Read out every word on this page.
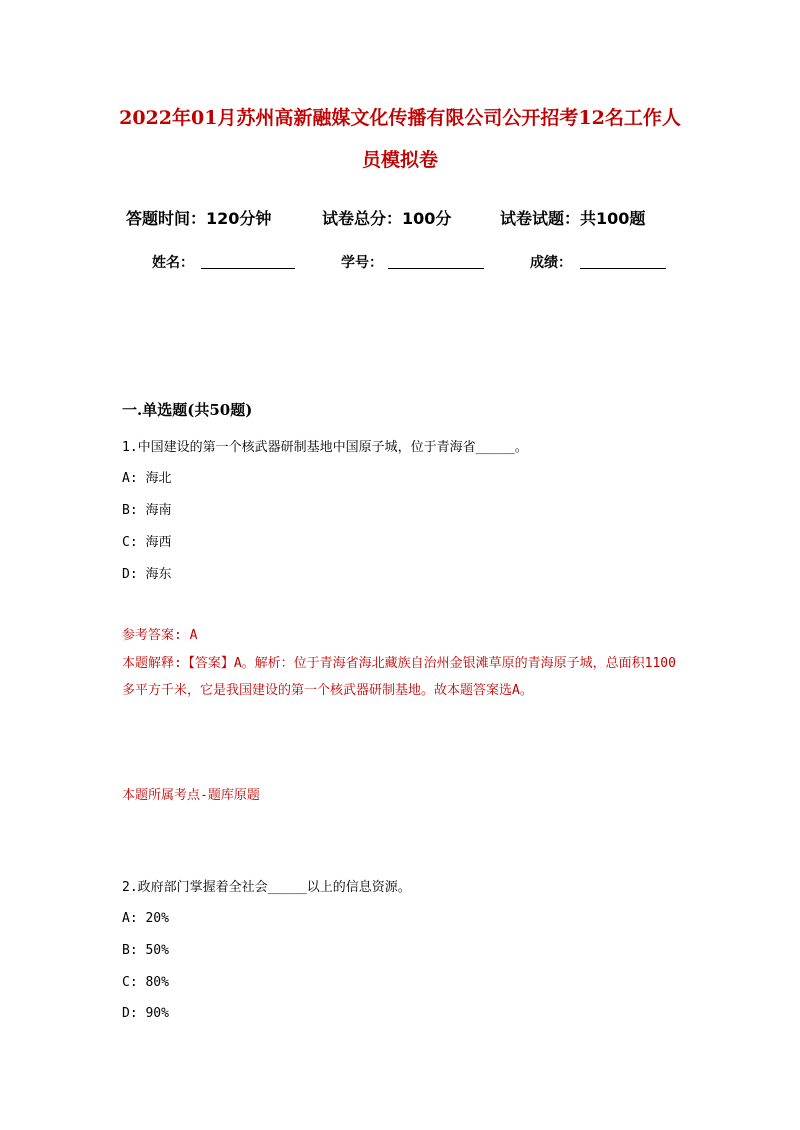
2022年01月苏州高新融媒文化传播有限公司公开招考12名工作人
员模拟卷
答题时间：120分钟	试卷总分：100分	试卷试题：共100题
姓名：	学号：	成绩：
一.单选题(共50题)
1.中国建设的第一个核武器研制基地中国原子城，位于青海省_____。
A: 海北
B: 海南
C: 海西
D: 海东
参考答案: A
本题解释:【答案】A。解析：位于青海省海北藏族自治州金银滩草原的青海原子城，总面积1100多平方千米，它是我国建设的第一个核武器研制基地。故本题答案选A。
本题所属考点-题库原题
2.政府部门掌握着全社会_____以上的信息资源。
A: 20%
B: 50%
C: 80%
D: 90%
